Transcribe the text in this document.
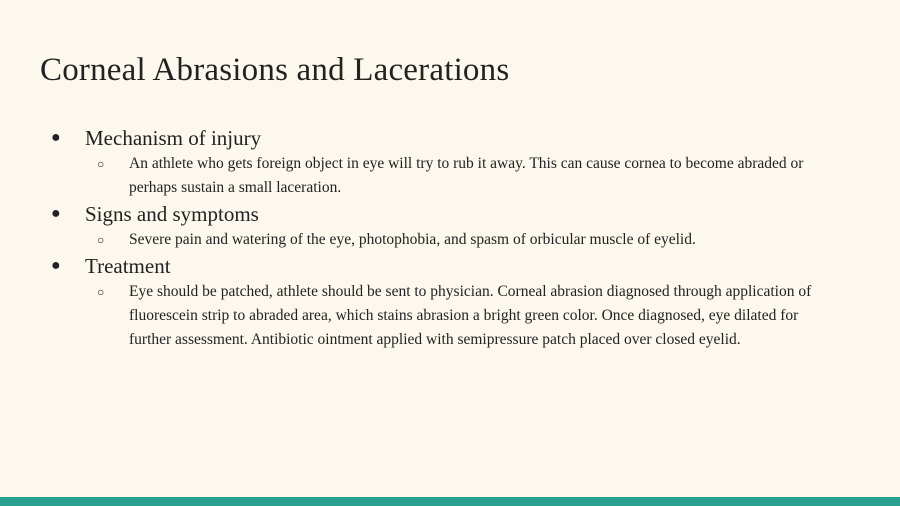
Corneal Abrasions and Lacerations
● Mechanism of injury
○ An athlete who gets foreign object in eye will try to rub it away. This can cause cornea to become abraded or perhaps sustain a small laceration.
● Signs and symptoms
○ Severe pain and watering of the eye, photophobia, and spasm of orbicular muscle of eyelid.
● Treatment
○ Eye should be patched, athlete should be sent to physician. Corneal abrasion diagnosed through application of fluorescein strip to abraded area, which stains abrasion a bright green color. Once diagnosed, eye dilated for further assessment. Antibiotic ointment applied with semipressure patch placed over closed eyelid.
